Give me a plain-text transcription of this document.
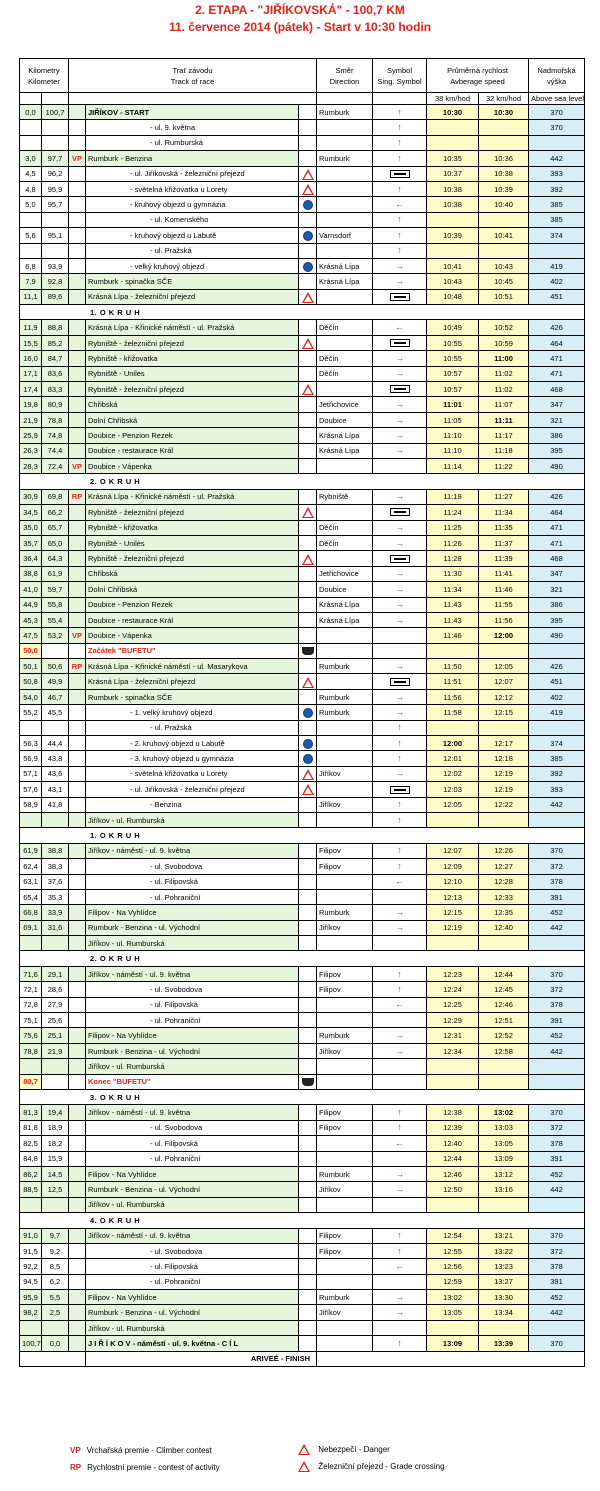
2. ETAPA - "JIŘÍKOVSKÁ" - 100,7 KM
11. července 2014 (pátek) - Start v 10:30 hodin
Kilometry
Kilometer		Trať závodu
Track of race			Směr
Direction	Symbol
Sing. Symbol	Průměrná rychlost
Avberage speed		Nadmořská
výška
							38 km/hod	32 km/hod	Above sea level
0,0	100,7		JIŘÍKOV - START		Rumburk	↑	10:30	10:30	370
			- ul. 9. května			↑			370
			- ul. Rumburská			↑			
3,0	97,7	VP	Rumburk - Benzina		Rumburk	↑	10:35	10:36	442
4,5	96,2		- ul. Jiříkovská - železniční přejezd				10:37	10:38	393
4,8	95,9		- světelná křižovatka u Lorety			↑	10:38	10:39	392
5,0	95,7		- kruhový objezd u gymnázia			←	10:38	10:40	385
			- ul. Komenského			↑			385
5,6	95,1		- kruhový objezd u Labutě		Varnsdorf	↑	10:39	10:41	374
			- ul. Pražská			↑			
6,8	93,9		- velký kruhový objezd		Krásná Lípa	→	10:41	10:43	419
7,9	92,8		Rumburk - spinačka SČE		Krásná Lípa	→	10:43	10:45	402
11,1	89,6		Krásná Lípa - železniční přejezd				10:48	10:51	451
1. O K R U H									
11,9	88,8		Krásná Lípa - Křinické náměstí - ul. Pražská		Děčín	←	10:49	10:52	426
15,5	85,2		Rybniště - železniční přejezd				10:55	10:59	464
16,0	84,7		Rybniště - křižovatka		Děčín	→	10:55	11:00	471
17,1	83,6		Rybniště - Uniles		Děčín	→	10:57	11:02	471
17,4	83,3		Rybniště - železniční přejezd				10:57	11:02	468
19,8	80,9		Chřibská		Jetřichovice	→	11:01	11:07	347
21,9	78,8		Dolní Chřibská		Doubice	→	11:05	11:11	321
25,9	74,8		Doubice - Penzion Rezek		Krásná Lípa	→	11:10	11:17	386
26,3	74,4		Doubice - restaurace Král		Krásná Lípa	→	11:10	11:18	395
28,3	72,4	VP	Doubice - Vápenka				11:14	11:22	490
2. O K R U H									
30,9	69,8	RP	Krásná Lípa - Křinické náměstí - ul. Pražská		Rybniště	→	11:19	11:27	426
34,5	66,2		Rybniště - železniční přejezd				11:24	11:34	464
35,0	65,7		Rybniště - křižovatka		Děčín	→	11:25	11:35	471
35,7	65,0		Rybniště - Unilès		Děčín	→	11:26	11:37	471
36,4	64,3		Rybniště - železniční přejezd				11:28	11:39	468
38,8	61,9		Chřibská		Jetřichovice	→	11:30	11:41	347
41,0	59,7		Dolní Chřibská		Doubice	→	11:34	11:46	321
44,9	55,8		Doubice - Penzion Rezek		Krásná Lípa	→	11:43	11:55	386
45,3	55,4		Doubice - restaurace Král		Krásná Lípa	→	11:43	11:56	395
47,5	53,2	VP	Doubice - Vápenka				11:46	12:00	490
50,0			Začátek "BUFETU"						
50,1	50,6	RP	Krásná Lípa - Křinické náměstí - ul. Masarykova		Rumburk	→	11:50	12:05	426
50,8	49,9		Krásná Lípa - železniční přejezd				11:51	12:07	451
54,0	46,7		Rumburk - spinačka SČE		Rumburk	→	11:56	12:12	402
55,2	45,5		- 1. velký kruhový objezd		Rumburk	→	11:58	12:15	419
			- ul. Pražská			↑			
56,3	44,4		- 2. kruhový objezd u Labutě			↑	12:00	12:17	374
56,9	43,8		- 3. kruhový objezd u gymnázia			↑	12:01	12:18	385
57,1	43,6		- světelná křižovatka u Lorety		Jiříkov	→	12:02	12:19	392
57,6	43,1		- ul. Jiříkovská - železniční přejezd				12:03	12:19	393
58,9	41,8		- Benzina		Jiříkov	↑	12:05	12:22	442
			Jiříkov - ul. Rumburská			↑			
1. O K R U H									
61,9	38,8		Jiříkov - náměstí - ul. 9. května		Filipov	↑	12:07	12:26	370
62,4	38,3		- ul. Svobodova		Filipov	↑	12:09	12:27	372
63,1	37,6		- ul. Filipovská			←	12:10	12:28	378
65,4	35,3		- ul. Pohraniční				12:13	12:33	391
66,8	33,9		Filipov - Na Vyhlídce		Rumburk	→	12:15	12:35	452
69,1	31,6		Rumburk - Benzina - ul. Východní		Jiříkov	→	12:19	12:40	442
			Jiříkov - ul. Rumburská						
2. O K R U H									
71,6	29,1		Jiříkov - náměstí - ul. 9. května		Filipov	↑	12:23	12:44	370
72,1	28,6		- ul. Svobodova		Filipov	↑	12:24	12:45	372
72,8	27,9		- ul. Filipovská			←	12:25	12:46	378
75,1	25,6		- ul. Pohraniční				12:29	12:51	391
75,6	25,1		Filipov - Na Vyhlídce		Rumburk	→	12:31	12:52	452
78,8	21,9		Rumburk - Benzina - ul. Východní		Jiříkov	→	12:34	12:58	442
			Jiříkov - ul. Rumburská						
80,7			Konec "BUFETU"						
3. O K R U H									
81,3	19,4		Jiříkov - náměstí - ul. 9. května		Filipov	↑	12:38	13:02	370
81,8	18,9		- ul. Svobodova		Filipov	↑	12:39	13:03	372
82,5	18,2		- ul. Filipovská			←	12:40	13:05	378
84,8	15,9		- ul. Pohraniční				12:44	13:09	391
86,2	14,5		Filipov - Na Vyhlídce		Rumburk	→	12:46	13:12	452
88,5	12,5		Rumburk - Benzina - ul. Východní		Jiříkov	→	12:50	13:16	442
			Jiříkov - ul. Rumburská						
4. O K R U H									
91,0	9,7		Jiříkov - náměstí - ul. 9. května		Filipov	↑	12:54	13:21	370
91,5	9,2		- ul. Svobodova		Filipov	↑	12:55	13:22	372
92,2	8,5		- ul. Filipovská			←	12:56	13:23	378
94,5	6,2		- ul. Pohraniční				12:59	13:27	391
95,9	5,5		Filipov - Na Vyhlídce		Rumburk	→	13:02	13:30	452
98,2	2,5		Rumburk - Benzina - ul. Východní		Jiříkov	→	13:05	13:34	442
			Jiříkov - ul. Rumburská						
100,7	0,0		J I Ř Í K O V - náměstí - ul. 9. května - C Í L			↑	13:09	13:39	370
			ARIVEÉ - FINISH						
VP Vrchařská premie - Climber contest
RP Rychlostní premie - contest of activity
Nebezpečí - Danger
Železniční přejezd - Grade crossing
